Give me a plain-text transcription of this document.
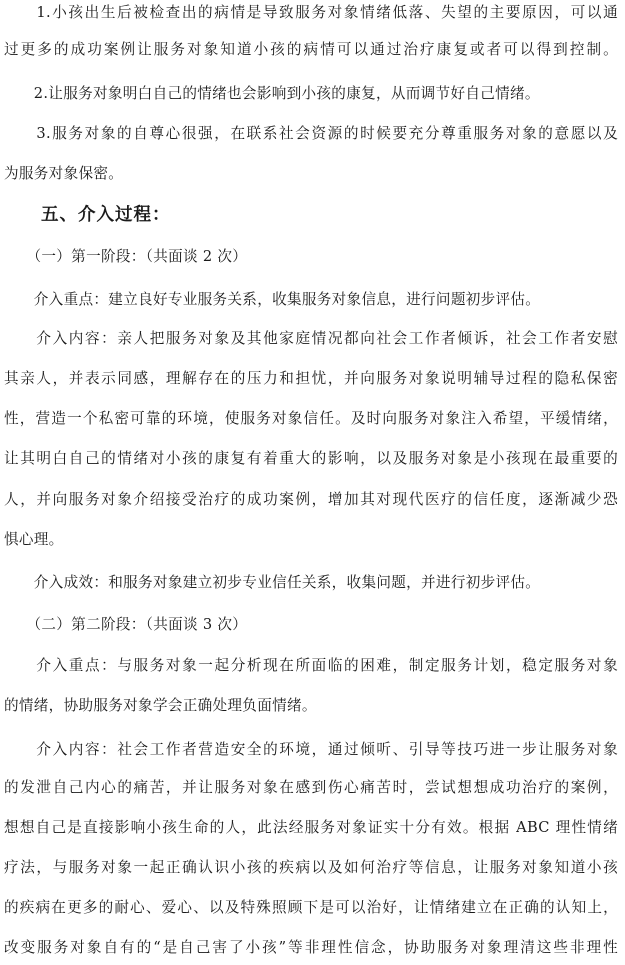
　　1.小孩出生后被检查出的病情是导致服务对象情绪低落、失望的主要原因，可以通
过更多的成功案例让服务对象知道小孩的病情可以通过治疗康复或者可以得到控制。
　　2.让服务对象明白自己的情绪也会影响到小孩的康复，从而调节好自己情绪。
　　3.服务对象的自尊心很强，在联系社会资源的时候要充分尊重服务对象的意愿以及
为服务对象保密。
　　五、介入过程：
　　（一）第一阶段：（共面谈 2 次）
　　介入重点：建立良好专业服务关系，收集服务对象信息，进行问题初步评估。
　　介入内容：亲人把服务对象及其他家庭情况都向社会工作者倾诉，社会工作者安慰
其亲人，并表示同感，理解存在的压力和担忧，并向服务对象说明辅导过程的隐私保密
性，营造一个私密可靠的环境，使服务对象信任。及时向服务对象注入希望，平缓情绪，
让其明白自己的情绪对小孩的康复有着重大的影响，以及服务对象是小孩现在最重要的
人，并向服务对象介绍接受治疗的成功案例，增加其对现代医疗的信任度，逐渐减少恐
惧心理。
　　介入成效：和服务对象建立初步专业信任关系，收集问题，并进行初步评估。
　　（二）第二阶段：（共面谈 3 次）
　　介入重点：与服务对象一起分析现在所面临的困难，制定服务计划，稳定服务对象
的情绪，协助服务对象学会正确处理负面情绪。
　　介入内容：社会工作者营造安全的环境，通过倾听、引导等技巧进一步让服务对象
的发泄自己内心的痛苦，并让服务对象在感到伤心痛苦时，尝试想想成功治疗的案例，
想想自己是直接影响小孩生命的人，此法经服务对象证实十分有效。根据 ABC 理性情绪
疗法，与服务对象一起正确认识小孩的疾病以及如何治疗等信息，让服务对象知道小孩
的疾病在更多的耐心、爱心、以及特殊照顾下是可以治好，让情绪建立在正确的认知上，
改变服务对象自有的“是自己害了小孩”等非理性信念，协助服务对象理清这些非理性
